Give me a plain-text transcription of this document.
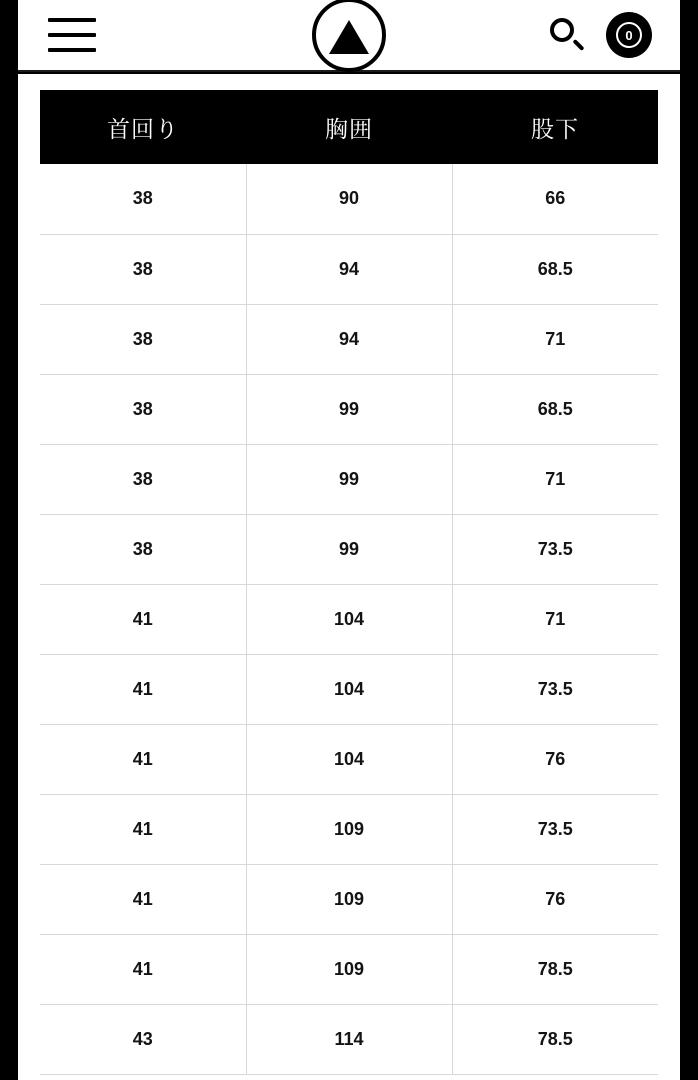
0
首回り	胸囲	股下
38	90	66
38	94	68.5
38	94	71
38	99	68.5
38	99	71
38	99	73.5
41	104	71
41	104	73.5
41	104	76
41	109	73.5
41	109	76
41	109	78.5
43	114	78.5
